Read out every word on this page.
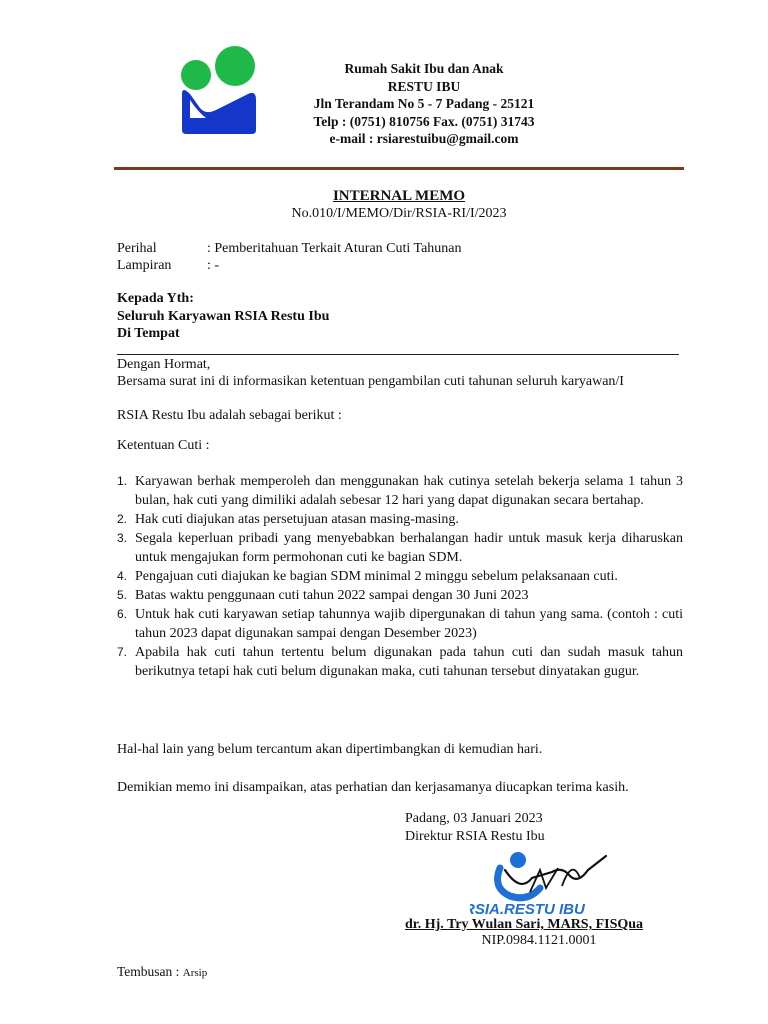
Rumah Sakit Ibu dan Anak
RESTU IBU
Jln Terandam No 5 - 7 Padang - 25121
Telp : (0751) 810756 Fax. (0751) 31743
e-mail : rsiarestuibu@gmail.com
INTERNAL MEMO
No.010/I/MEMO/Dir/RSIA-RI/I/2023
Perihal	: Pemberitahuan Terkait Aturan Cuti Tahunan
Lampiran	: -
Kepada Yth:
Seluruh Karyawan RSIA Restu Ibu
Di Tempat
Dengan Hormat,
Bersama surat ini di informasikan ketentuan pengambilan cuti tahunan seluruh karyawan/I
RSIA Restu Ibu adalah sebagai berikut :
Ketentuan Cuti :
1. Karyawan berhak memperoleh dan menggunakan hak cutinya setelah bekerja selama 1 tahun 3 bulan, hak cuti yang dimiliki adalah sebesar 12 hari yang dapat digunakan secara bertahap.
2. Hak cuti diajukan atas persetujuan atasan masing-masing.
3. Segala keperluan pribadi yang menyebabkan berhalangan hadir untuk masuk kerja diharuskan untuk mengajukan form permohonan cuti ke bagian SDM.
4. Pengajuan cuti diajukan ke bagian SDM minimal 2 minggu sebelum pelaksanaan cuti.
5. Batas waktu penggunaan cuti tahun 2022 sampai dengan 30 Juni 2023
6. Untuk hak cuti karyawan setiap tahunnya wajib dipergunakan di tahun yang sama. (contoh : cuti tahun 2023 dapat digunakan sampai dengan Desember 2023)
7. Apabila hak cuti tahun tertentu belum digunakan pada tahun cuti dan sudah masuk tahun berikutnya tetapi hak cuti belum digunakan maka, cuti tahunan tersebut dinyatakan gugur.
Hal-hal lain yang belum tercantum akan dipertimbangkan di kemudian hari.
Demikian memo ini disampaikan, atas perhatian dan kerjasamanya diucapkan terima kasih.
Padang, 03 Januari 2023
Direktur RSIA Restu Ibu
RSIA.RESTU IBU
dr. Hj. Try Wulan Sari, MARS, FISQua
NIP.0984.1121.0001
Tembusan : Arsip
